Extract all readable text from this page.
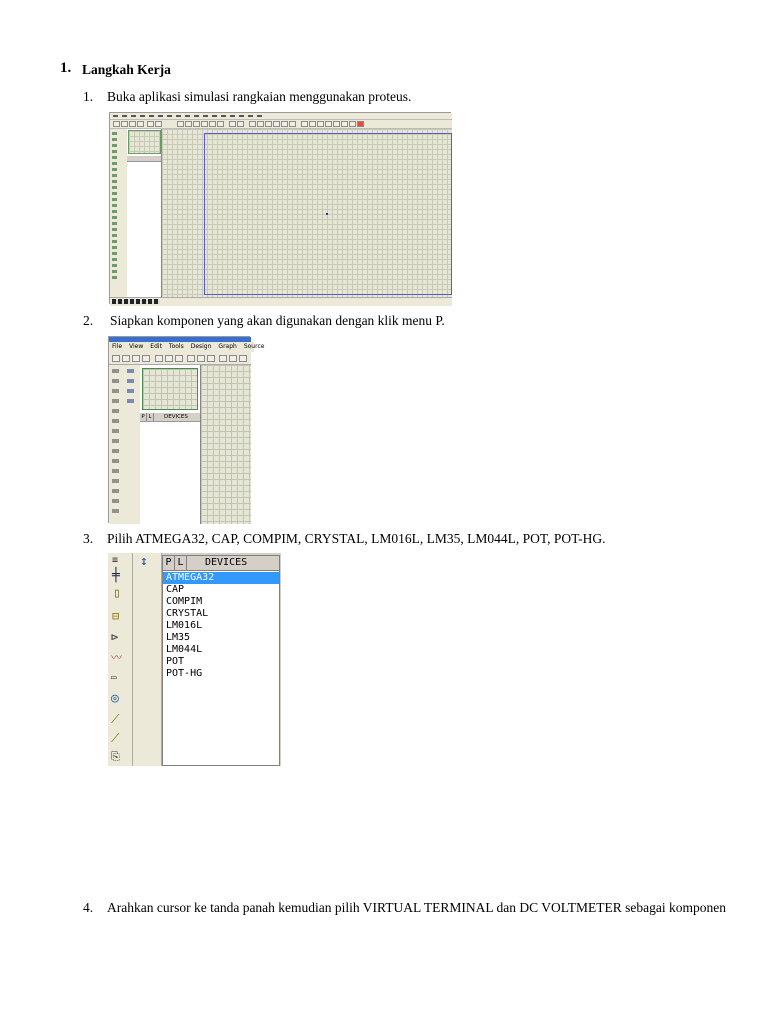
1. Langkah Kerja
1. Buka aplikasi simulasi rangkaian menggunakan proteus.
2. Siapkan komponen yang akan digunakan dengan klik menu P.
File View Edit Tools Design Graph Source
P L DEVICES
3. Pilih ATMEGA32, CAP, COMPIM, CRYSTAL, LM016L, LM35, LM044L, POT, POT-HG.
≡
╪
▯
⊟
⊳
〰
▭
◎
⟋
⟋
⎘
↕ P L DEVICES
ATMEGA32
CAP
COMPIM
CRYSTAL
LM016L
LM35
LM044L
POT
POT-HG
4. Arahkan cursor ke tanda panah kemudian pilih VIRTUAL TERMINAL dan DC VOLTMETER sebagai komponen
